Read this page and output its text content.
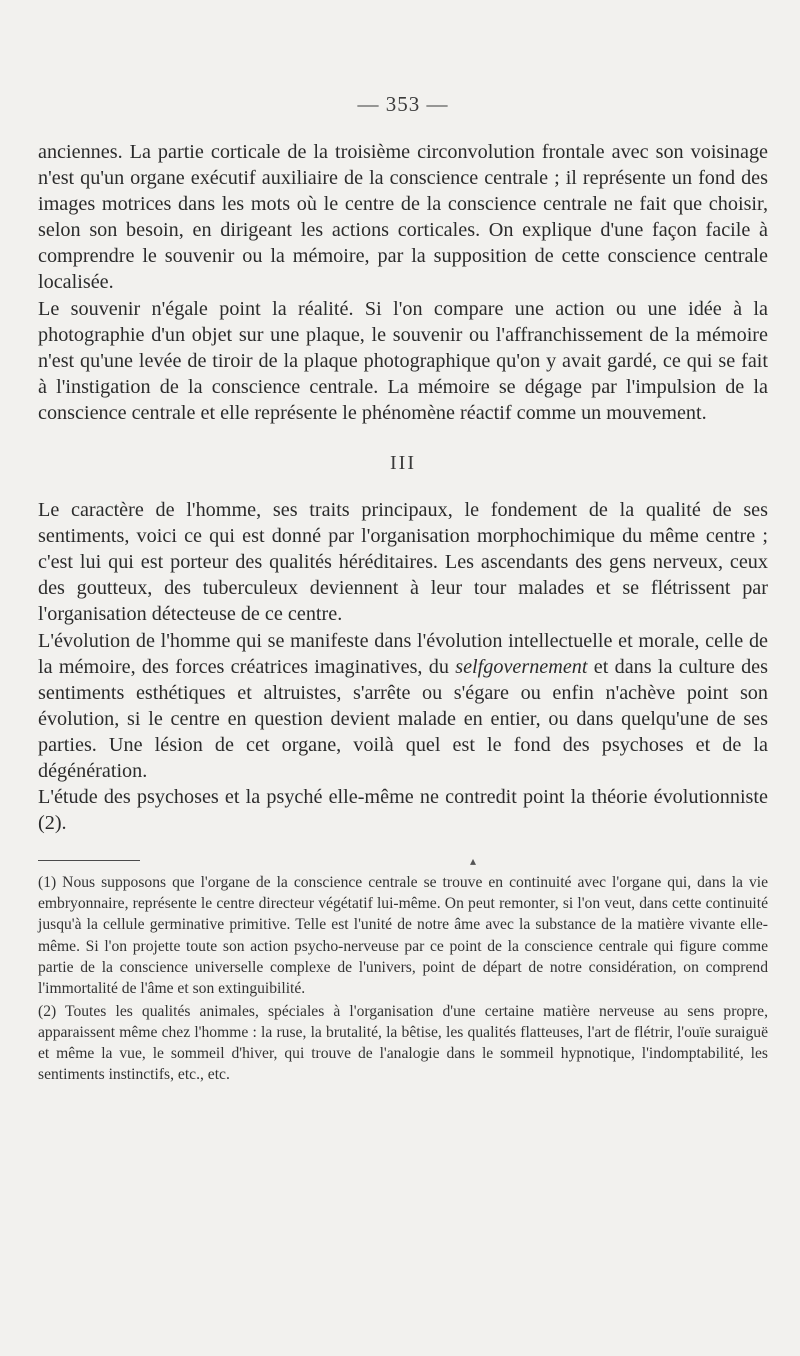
— 353 —

anciennes. La partie corticale de la troisième circonvolution frontale avec son voisinage n'est qu'un organe exécutif auxiliaire de la conscience centrale ; il représente un fond des images motrices dans les mots où le centre de la conscience centrale ne fait que choisir, selon son besoin, en dirigeant les actions corticales. On explique d'une façon facile à comprendre le souvenir ou la mémoire, par la supposition de cette conscience centrale localisée.

Le souvenir n'égale point la réalité. Si l'on compare une action ou une idée à la photographie d'un objet sur une plaque, le souvenir ou l'affranchissement de la mémoire n'est qu'une levée de tiroir de la plaque photographique qu'on y avait gardé, ce qui se fait à l'instigation de la conscience centrale. La mémoire se dégage par l'impulsion de la conscience centrale et elle représente le phénomène réactif comme un mouvement.

III

Le caractère de l'homme, ses traits principaux, le fondement de la qualité de ses sentiments, voici ce qui est donné par l'organisation morphochimique du même centre ; c'est lui qui est porteur des qualités héréditaires. Les ascendants des gens nerveux, ceux des goutteux, des tuberculeux deviennent à leur tour malades et se flétrissent par l'organisation détecteuse de ce centre.

L'évolution de l'homme qui se manifeste dans l'évolution intellectuelle et morale, celle de la mémoire, des forces créatrices imaginatives, du selfgovernement et dans la culture des sentiments esthétiques et altruistes, s'arrête ou s'égare ou enfin n'achève point son évolution, si le centre en question devient malade en entier, ou dans quelqu'une de ses parties. Une lésion de cet organe, voilà quel est le fond des psychoses et de la dégénération.

L'étude des psychoses et la psyché elle-même ne contredit point la théorie évolutionniste (2).

▴

(1) Nous supposons que l'organe de la conscience centrale se trouve en continuité avec l'organe qui, dans la vie embryonnaire, représente le centre directeur végétatif lui-même. On peut remonter, si l'on veut, dans cette continuité jusqu'à la cellule germinative primitive. Telle est l'unité de notre âme avec la substance de la matière vivante elle-même. Si l'on projette toute son action psycho-nerveuse par ce point de la conscience centrale qui figure comme partie de la conscience universelle complexe de l'univers, point de départ de notre considération, on comprend l'immortalité de l'âme et son extinguibilité.

(2) Toutes les qualités animales, spéciales à l'organisation d'une certaine matière nerveuse au sens propre, apparaissent même chez l'homme : la ruse, la brutalité, la bêtise, les qualités flatteuses, l'art de flétrir, l'ouïe suraiguë et même la vue, le sommeil d'hiver, qui trouve de l'analogie dans le sommeil hypnotique, l'indomptabilité, les sentiments instinctifs, etc., etc.
